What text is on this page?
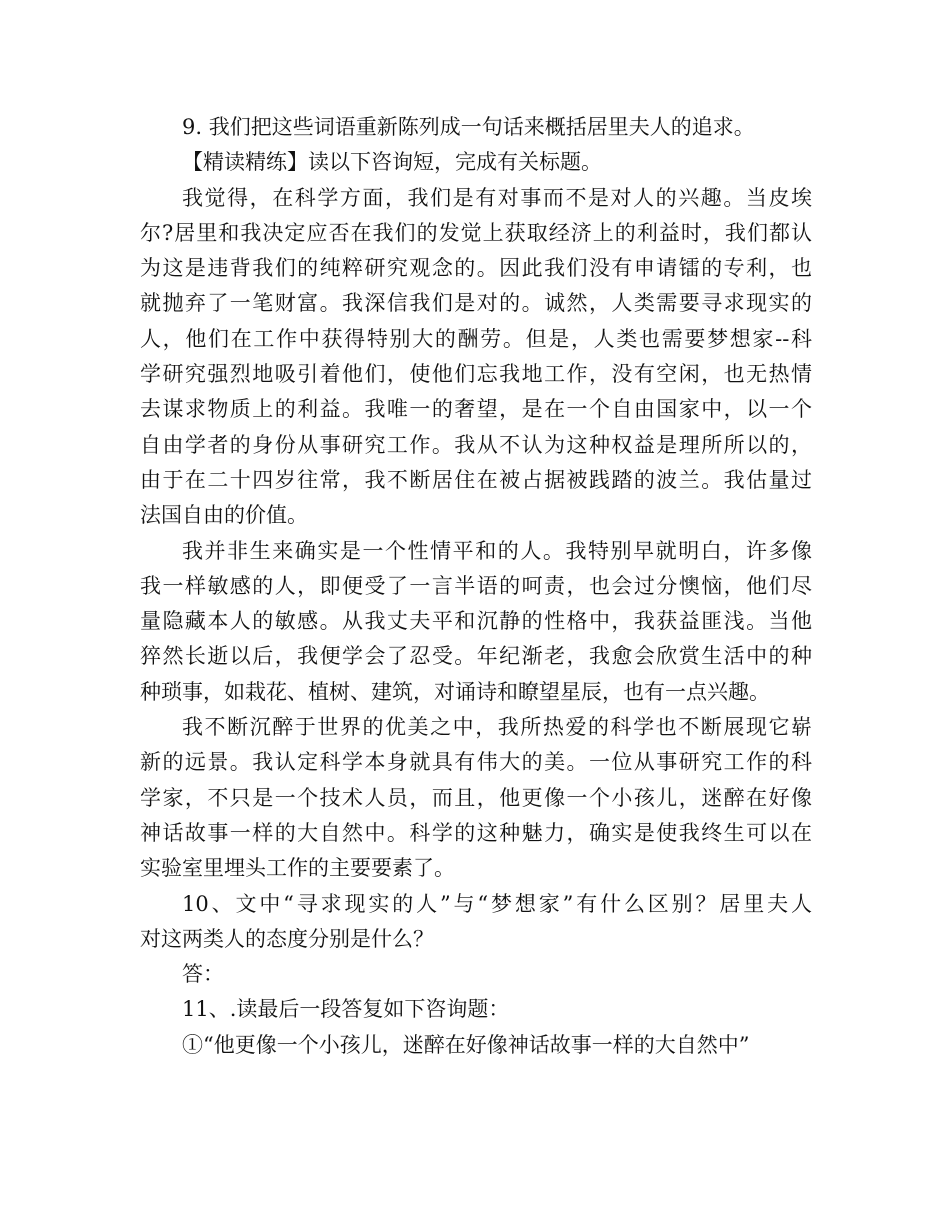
9. 我们把这些词语重新陈列成一句话来概括居里夫人的追求。
【精读精练】读以下咨询短，完成有关标题。
我觉得，在科学方面，我们是有对事而不是对人的兴趣。当皮埃
尔?居里和我决定应否在我们的发觉上获取经济上的利益时，我们都认
为这是违背我们的纯粹研究观念的。因此我们没有申请镭的专利，也
就抛弃了一笔财富。我深信我们是对的。诚然，人类需要寻求现实的
人，他们在工作中获得特别大的酬劳。但是，人类也需要梦想家--科
学研究强烈地吸引着他们，使他们忘我地工作，没有空闲，也无热情
去谋求物质上的利益。我唯一的奢望，是在一个自由国家中，以一个
自由学者的身份从事研究工作。我从不认为这种权益是理所所以的，
由于在二十四岁往常，我不断居住在被占据被践踏的波兰。我估量过
法国自由的价值。
我并非生来确实是一个性情平和的人。我特别早就明白，许多像
我一样敏感的人，即便受了一言半语的呵责，也会过分懊恼，他们尽
量隐藏本人的敏感。从我丈夫平和沉静的性格中，我获益匪浅。当他
猝然长逝以后，我便学会了忍受。年纪渐老，我愈会欣赏生活中的种
种琐事，如栽花、植树、建筑，对诵诗和瞭望星辰，也有一点兴趣。
我不断沉醉于世界的优美之中，我所热爱的科学也不断展现它崭
新的远景。我认定科学本身就具有伟大的美。一位从事研究工作的科
学家，不只是一个技术人员，而且，他更像一个小孩儿，迷醉在好像
神话故事一样的大自然中。科学的这种魅力，确实是使我终生可以在
实验室里埋头工作的主要要素了。
10、文中“寻求现实的人”与“梦想家”有什么区别？居里夫人
对这两类人的态度分别是什么？
答：
11、.读最后一段答复如下咨询题：
①“他更像一个小孩儿，迷醉在好像神话故事一样的大自然中”
